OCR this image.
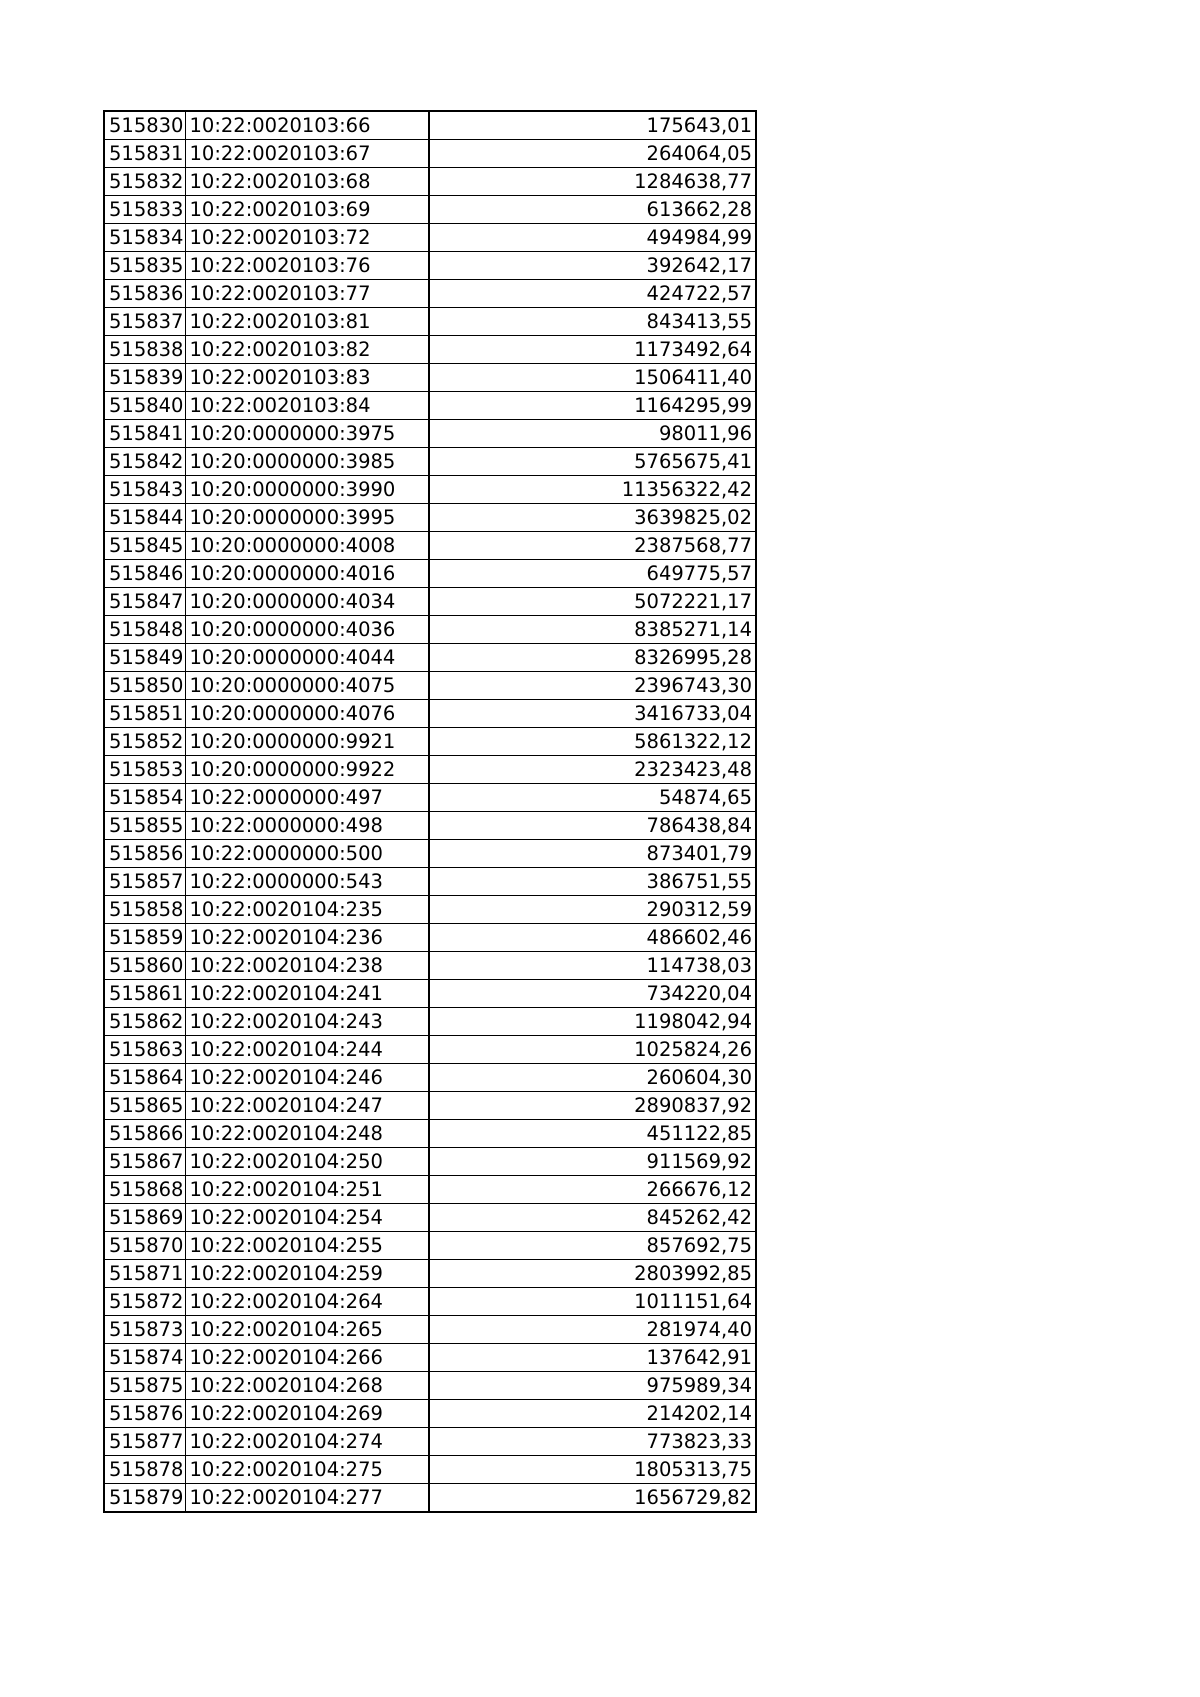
515830	10:22:0020103:66	175643,01
515831	10:22:0020103:67	264064,05
515832	10:22:0020103:68	1284638,77
515833	10:22:0020103:69	613662,28
515834	10:22:0020103:72	494984,99
515835	10:22:0020103:76	392642,17
515836	10:22:0020103:77	424722,57
515837	10:22:0020103:81	843413,55
515838	10:22:0020103:82	1173492,64
515839	10:22:0020103:83	1506411,40
515840	10:22:0020103:84	1164295,99
515841	10:20:0000000:3975	98011,96
515842	10:20:0000000:3985	5765675,41
515843	10:20:0000000:3990	11356322,42
515844	10:20:0000000:3995	3639825,02
515845	10:20:0000000:4008	2387568,77
515846	10:20:0000000:4016	649775,57
515847	10:20:0000000:4034	5072221,17
515848	10:20:0000000:4036	8385271,14
515849	10:20:0000000:4044	8326995,28
515850	10:20:0000000:4075	2396743,30
515851	10:20:0000000:4076	3416733,04
515852	10:20:0000000:9921	5861322,12
515853	10:20:0000000:9922	2323423,48
515854	10:22:0000000:497	54874,65
515855	10:22:0000000:498	786438,84
515856	10:22:0000000:500	873401,79
515857	10:22:0000000:543	386751,55
515858	10:22:0020104:235	290312,59
515859	10:22:0020104:236	486602,46
515860	10:22:0020104:238	114738,03
515861	10:22:0020104:241	734220,04
515862	10:22:0020104:243	1198042,94
515863	10:22:0020104:244	1025824,26
515864	10:22:0020104:246	260604,30
515865	10:22:0020104:247	2890837,92
515866	10:22:0020104:248	451122,85
515867	10:22:0020104:250	911569,92
515868	10:22:0020104:251	266676,12
515869	10:22:0020104:254	845262,42
515870	10:22:0020104:255	857692,75
515871	10:22:0020104:259	2803992,85
515872	10:22:0020104:264	1011151,64
515873	10:22:0020104:265	281974,40
515874	10:22:0020104:266	137642,91
515875	10:22:0020104:268	975989,34
515876	10:22:0020104:269	214202,14
515877	10:22:0020104:274	773823,33
515878	10:22:0020104:275	1805313,75
515879	10:22:0020104:277	1656729,82
